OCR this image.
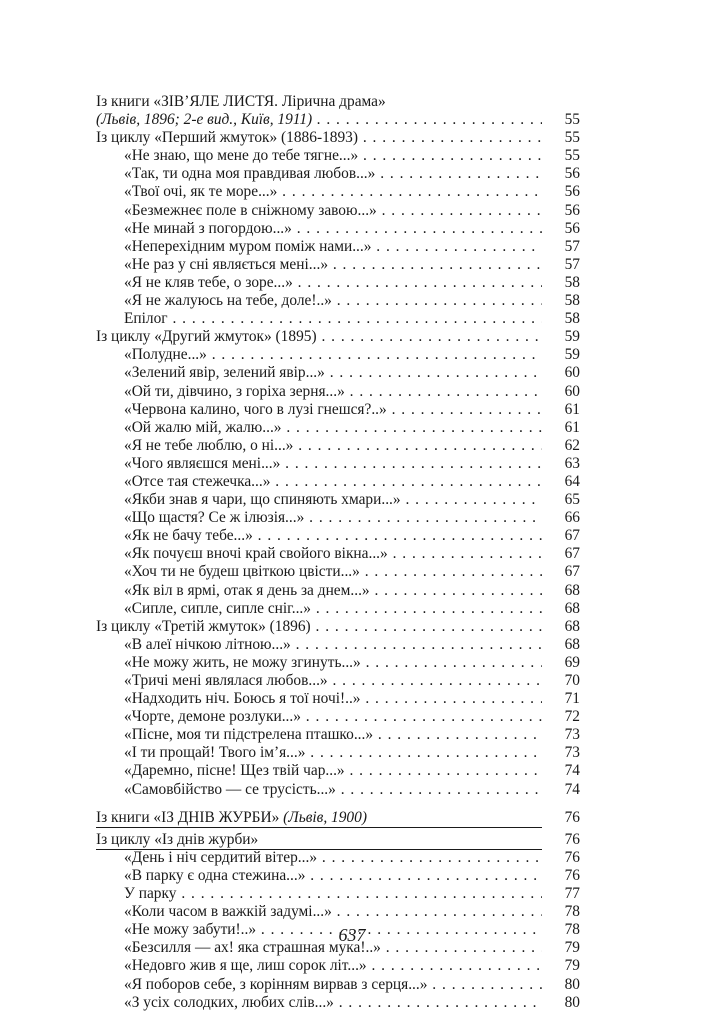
Із книги «ЗІВ’ЯЛЕ ЛИСТЯ. Лірична драма»
(Львів, 1896; 2-е вид., Київ, 1911) . . .	55
Із циклу «Перший жмуток» (1886-1893) . . .	55
«Не знаю, що мене до тебе тягне...» . . .	55
«Так, ти одна моя правдивая любов...» . . .	56
«Твої очі, як те море...» . . .	56
«Безмежнеє поле в сніжному завою...» . . .	56
«Не минай з погордою...» . . .	56
«Неперехідним муром поміж нами...» . . .	57
«Не раз у сні являється мені...» . . .	57
«Я не кляв тебе, о зоре...» . . .	58
«Я не жалуюсь на тебе, доле!..» . . .	58
Епілог . . .	58
Із циклу «Другий жмуток» (1895) . . .	59
«Полудне...» . . .	59
«Зелений явір, зелений явір...» . . .	60
«Ой ти, дівчино, з горіха зерня...» . . .	60
«Червона калино, чого в лузі гнешся?..» . . .	61
«Ой жалю мій, жалю...» . . .	61
«Я не тебе люблю, о ні...» . . .	62
«Чого являєшся мені...» . . .	63
«Отсе тая стежечка...» . . .	64
«Якби знав я чари, що спиняють хмари...» . . .	65
«Що щастя? Се ж ілюзія...» . . .	66
«Як не бачу тебе...» . . .	67
«Як почуєш вночі край свойого вікна...» . . .	67
«Хоч ти не будеш цвіткою цвісти...» . . .	67
«Як віл в ярмі, отак я день за днем...» . . .	68
«Сипле, сипле, сипле сніг...» . . .	68
Із циклу «Третій жмуток» (1896) . . .	68
«В алеї нічкою літною...» . . .	68
«Не можу жить, не можу згинуть...» . . .	69
«Тричі мені являлася любов...» . . .	70
«Надходить ніч. Боюсь я тої ночі!..» . . .	71
«Чорте, демоне розлуки...» . . .	72
«Пісне, моя ти підстрелена пташко...» . . .	73
«І ти прощай! Твого ім’я...» . . .	73
«Даремно, пісне! Щез твій чар...» . . .	74
«Самовбійство — се трусість...» . . .	74
Із книги «ІЗ ДНІВ ЖУРБИ» (Львів, 1900)	76
Із циклу «Із днів журби»	76
«День і ніч сердитий вітер...» . . .	76
«В парку є одна стежина...» . . .	76
У парку . . .	77
«Коли часом в важкій задумі...» . . .	78
«Не можу забути!..» . . .	78
«Безсилля — ах! яка страшная мука!..» . . .	79
«Недовго жив я ще, лиш сорок літ...» . . .	79
«Я поборов себе, з корінням вирвав з серця...» . . .	80
«З усіх солодких, любих слів...» . . .	80
637
